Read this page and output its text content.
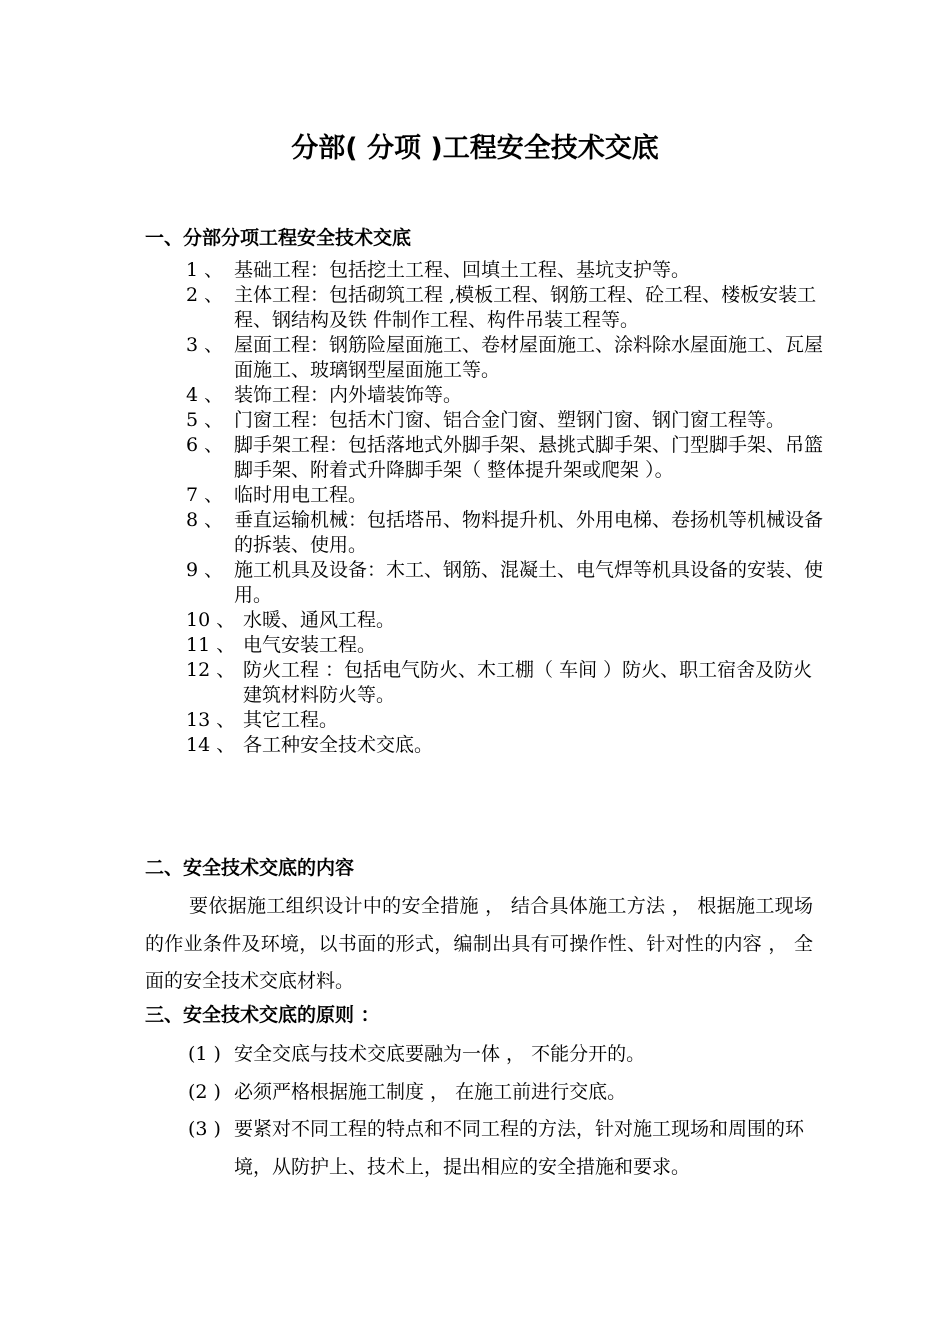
分部( 分项 )工程安全技术交底
一、分部分项工程安全技术交底
1 、 基础工程：包括挖土工程、回填土工程、基坑支护等。
2 、 主体工程：包括砌筑工程 ,模板工程、钢筋工程、砼工程、楼板安装工程、钢结构及铁 件制作工程、构件吊装工程等。
3 、 屋面工程：钢筋险屋面施工、卷材屋面施工、涂料除水屋面施工、瓦屋面施工、玻璃钢型屋面施工等。
4 、 装饰工程：内外墙装饰等。
5 、 门窗工程：包括木门窗、铝合金门窗、塑钢门窗、钢门窗工程等。
6 、 脚手架工程：包括落地式外脚手架、悬挑式脚手架、门型脚手架、吊篮脚手架、附着式升降脚手架（ 整体提升架或爬架 ）。
7 、 临时用电工程。
8 、 垂直运输机械：包括塔吊、物料提升机、外用电梯、卷扬机等机械设备的拆装、使用。
9 、 施工机具及设备：木工、钢筋、混凝土、电气焊等机具设备的安装、使用。
10 、 水暖、通风工程。
11 、 电气安装工程。
12 、 防火工程 ：包括电气防火、木工棚（ 车间 ）防火、职工宿舍及防火建筑材料防火等。
13 、 其它工程。
14 、 各工种安全技术交底。
二、安全技术交底的内容
要依据施工组织设计中的安全措施 ， 结合具体施工方法 ， 根据施工现场的作业条件及环境，以书面的形式，编制出具有可操作性、针对性的内容 ， 全面的安全技术交底材料。
三、安全技术交底的原则 ：
(1 ) 安全交底与技术交底要融为一体 ， 不能分开的。
(2 ) 必须严格根据施工制度 ， 在施工前进行交底。
(3 ) 要紧对不同工程的特点和不同工程的方法，针对施工现场和周围的环境，从防护上、技术上，提出相应的安全措施和要求。
